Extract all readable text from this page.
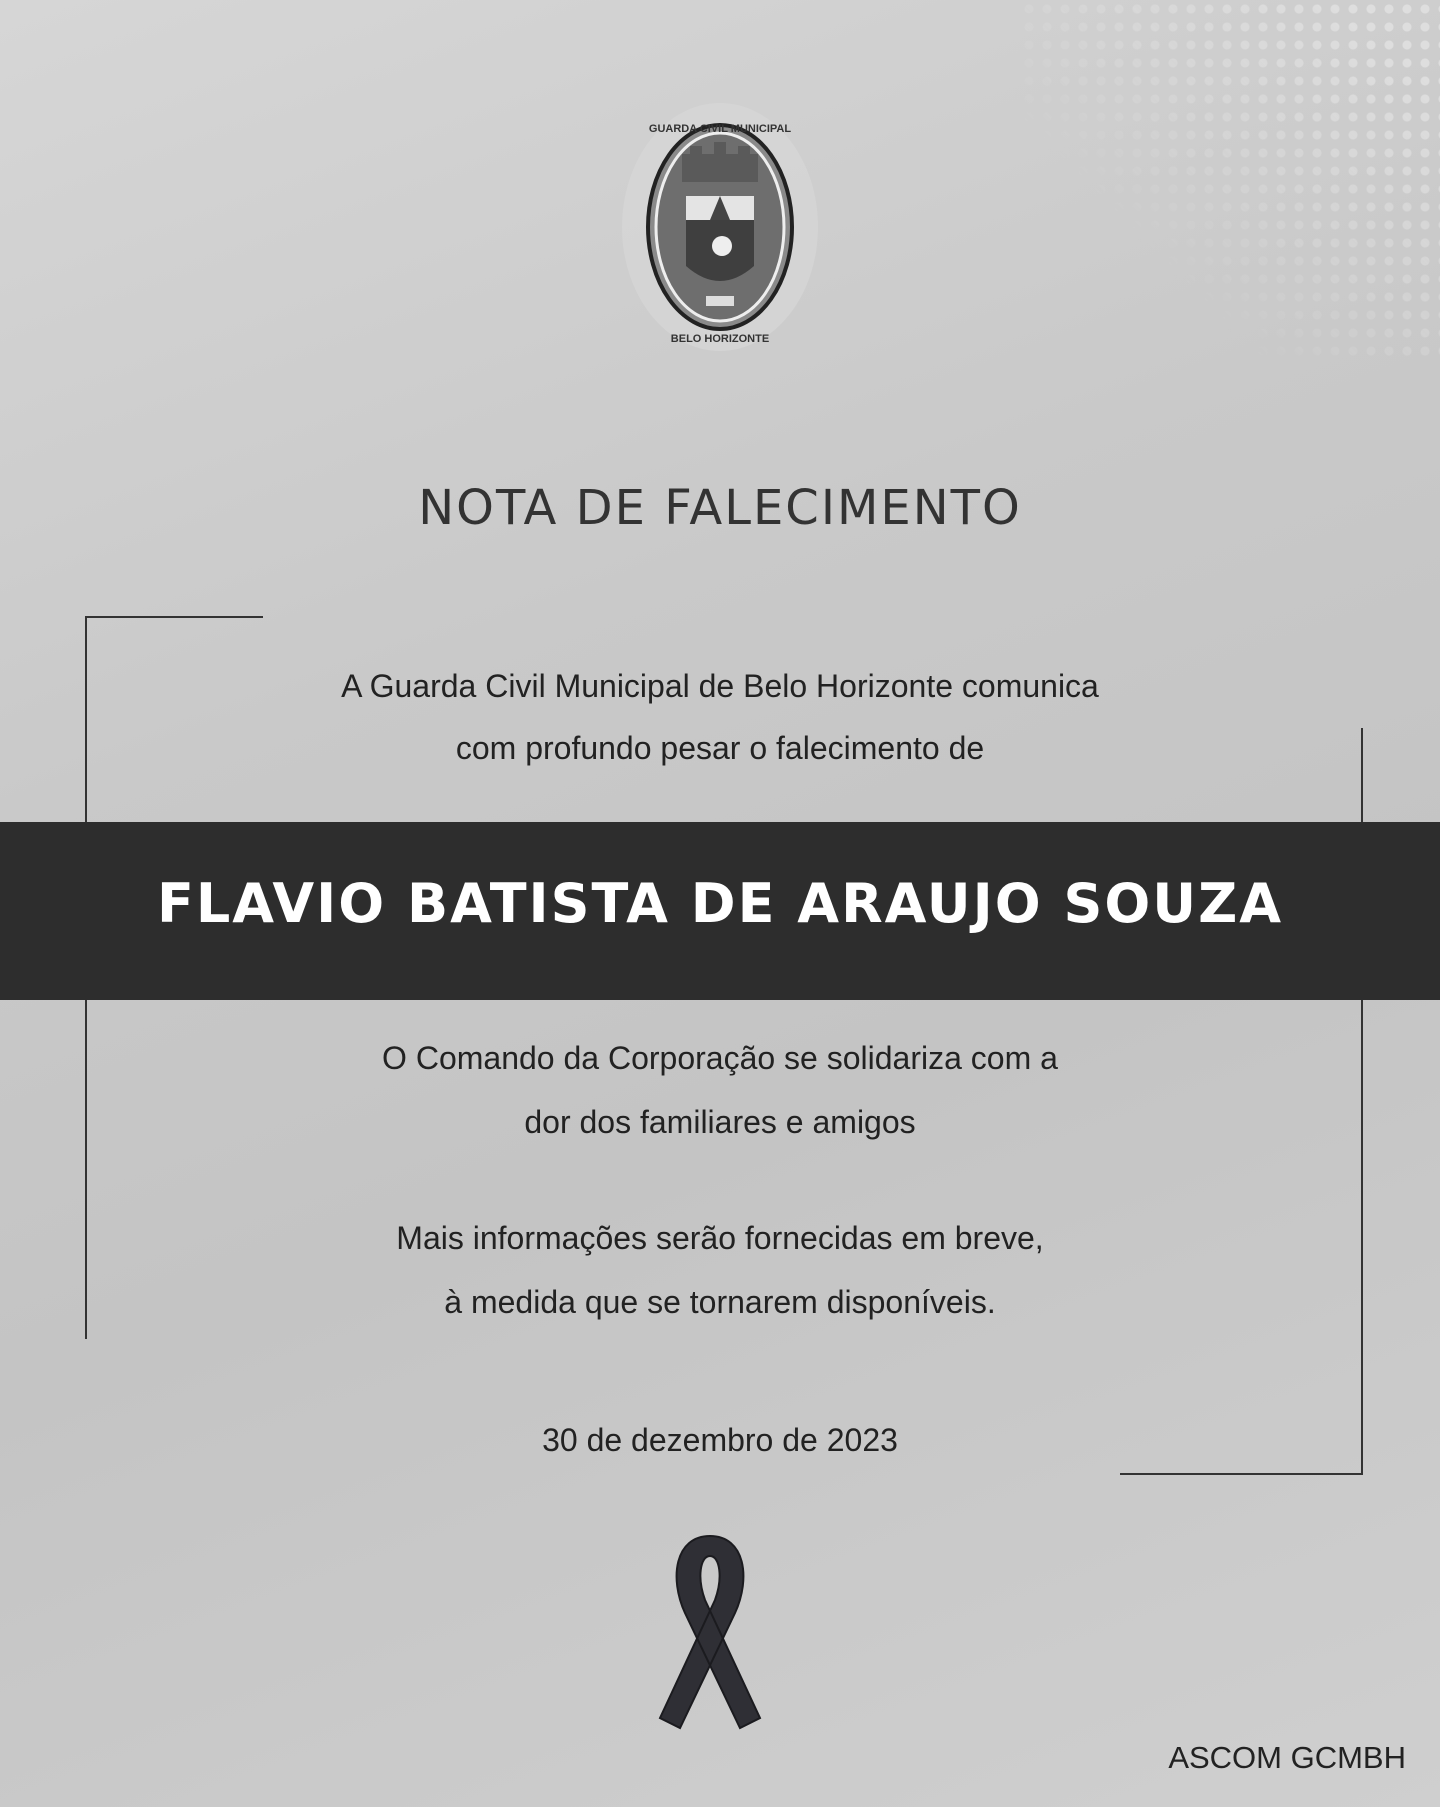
GUARDA CIVIL MUNICIPAL
BELO HORIZONTE
NOTA DE FALECIMENTO
A Guarda Civil Municipal de Belo Horizonte comunica
com profundo pesar o falecimento de
FLAVIO BATISTA DE ARAUJO SOUZA
O Comando da Corporação se solidariza com a
dor dos familiares e amigos
Mais informações serão fornecidas em breve,
à medida que se tornarem disponíveis.
30 de dezembro de 2023
ASCOM GCMBH
